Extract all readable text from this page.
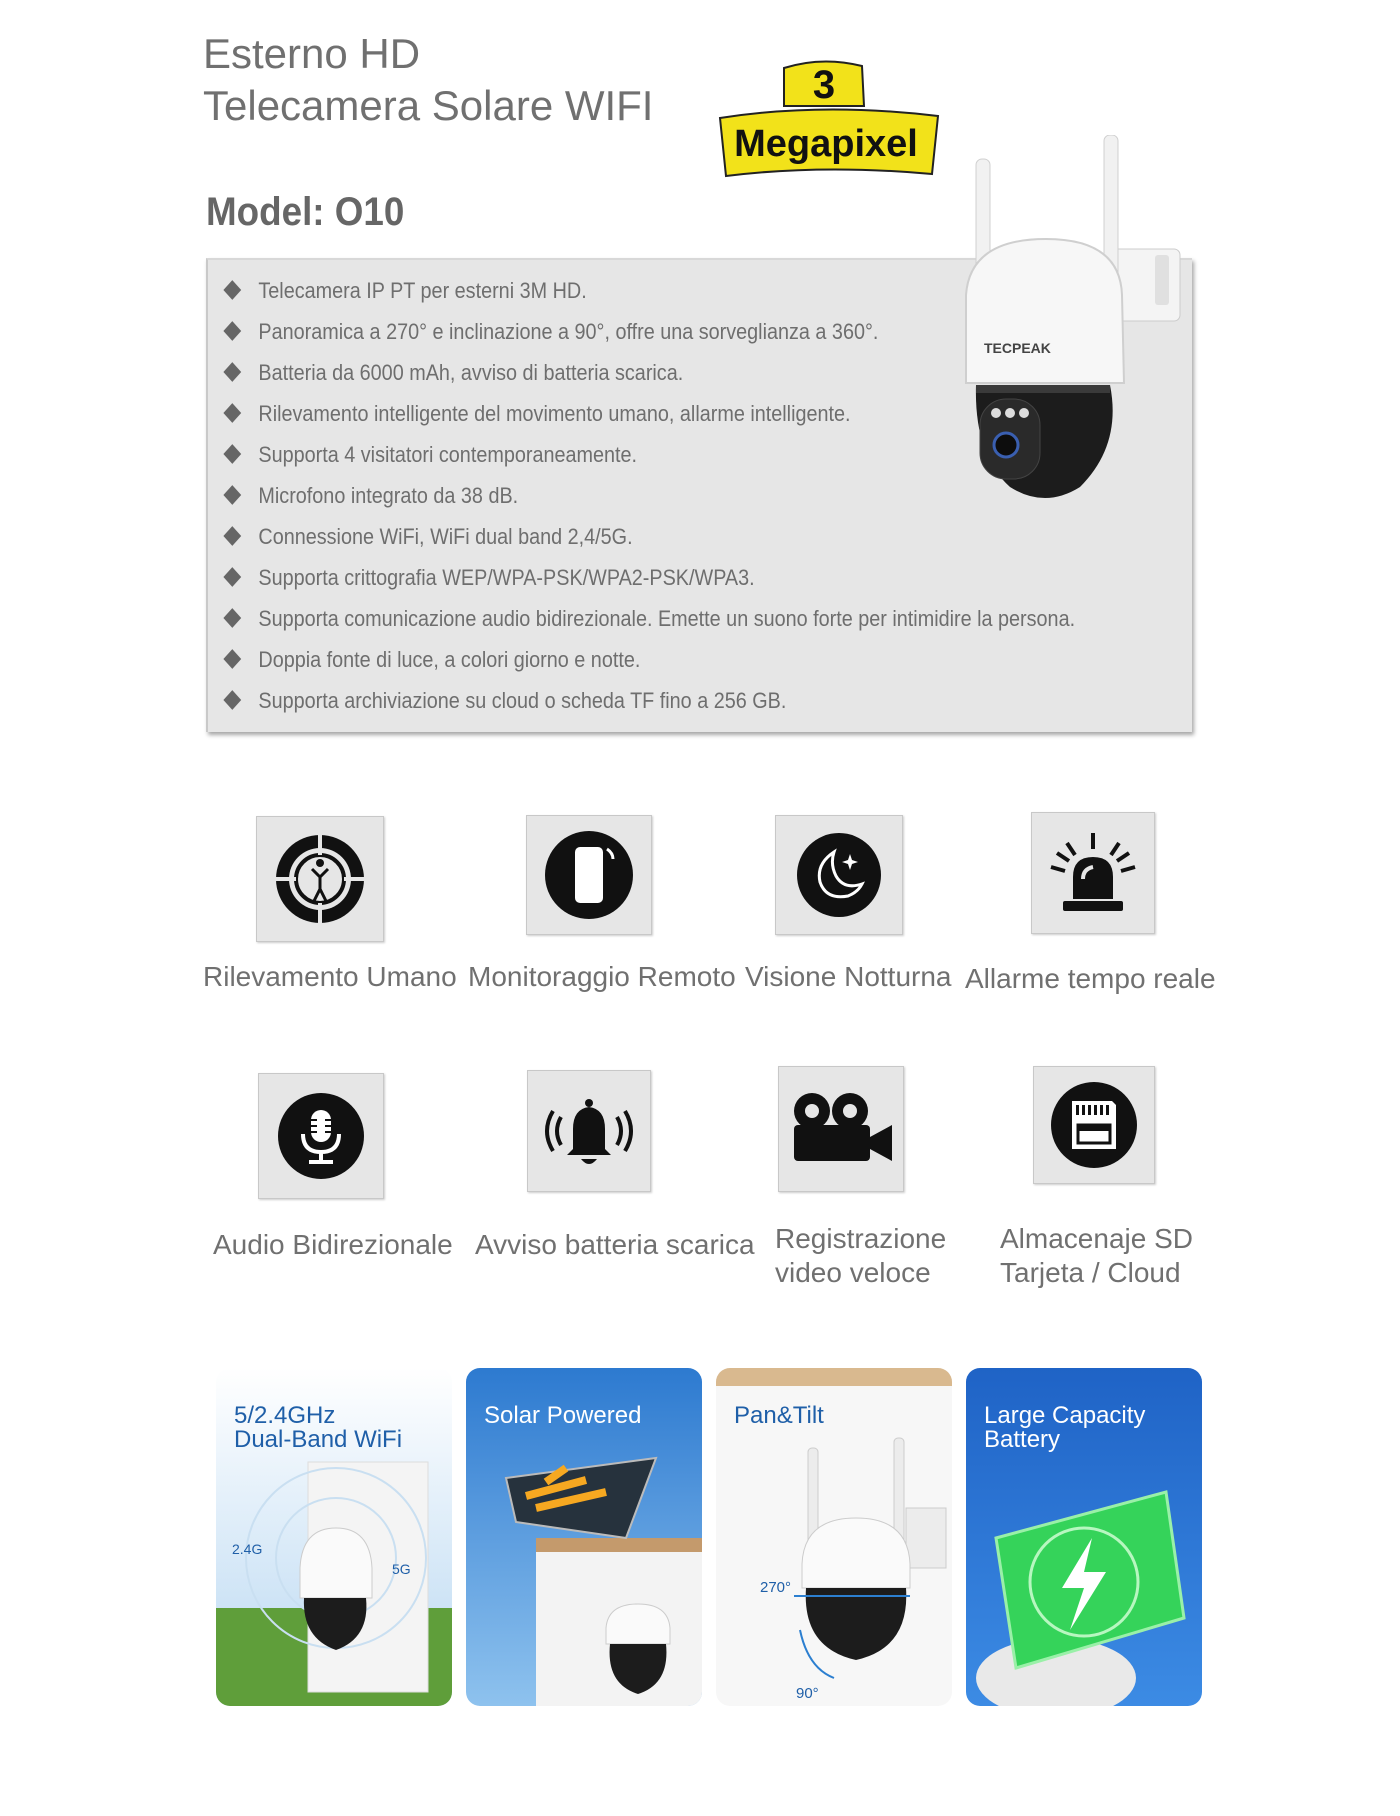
Esterno HD
Telecamera Solare WIFI	3
Megapixel
Model: O10
Telecamera IP PT per esterni 3M HD.
Panoramica a 270° e inclinazione a 90°, offre una sorveglianza a 360°.
Batteria da 6000 mAh, avviso di batteria scarica.
Rilevamento intelligente del movimento umano, allarme intelligente.
Supporta 4 visitatori contemporaneamente.
Microfono integrato da 38 dB.
Connessione WiFi, WiFi dual band 2,4/5G.
Supporta crittografia WEP/WPA-PSK/WPA2-PSK/WPA3.
Supporta comunicazione audio bidirezionale. Emette un suono forte per intimidire la persona.
Doppia fonte di luce, a colori giorno e notte.
Supporta archiviazione su cloud o scheda TF fino a 256 GB.
TECPEAK
Rilevamento Umano Monitoraggio Remoto Visione Notturna Allarme tempo reale
Audio Bidirezionale Avviso batteria scarica Registrazione
video veloce
Almacenaje SD
Tarjeta / Cloud
2.4G
5G
5/2.4GHz
Dual-Band WiFi
Solar Powered
270°
90°
Pan&Tilt	Large Capacity
Battery
